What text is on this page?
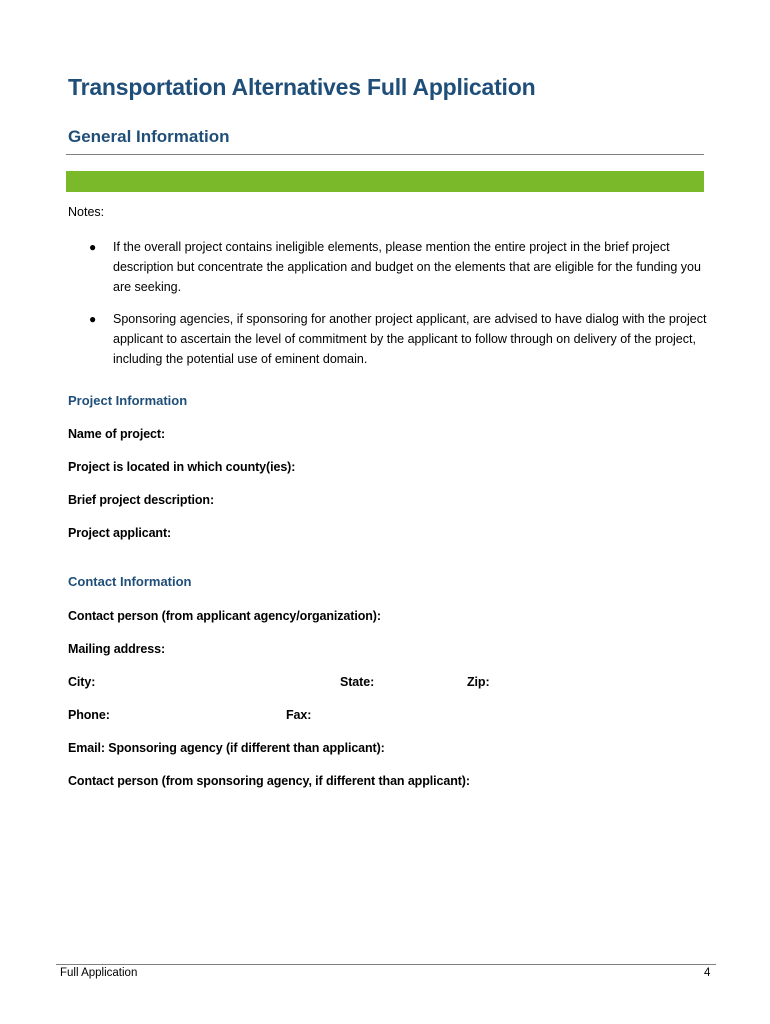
Transportation Alternatives Full Application
General Information
Notes:
● If the overall project contains ineligible elements, please mention the entire project in the brief project description but concentrate the application and budget on the elements that are eligible for the funding you are seeking.
● Sponsoring agencies, if sponsoring for another project applicant, are advised to have dialog with the project applicant to ascertain the level of commitment by the applicant to follow through on delivery of the project, including the potential use of eminent domain.
Project Information
Name of project:
Project is located in which county(ies):
Brief project description:
Project applicant:
Contact Information
Contact person (from applicant agency/organization):
Mailing address:
City:	State:	Zip:
Phone:	Fax:
Email: Sponsoring agency (if different than applicant):
Contact person (from sponsoring agency, if different than applicant):
Full Application	4
